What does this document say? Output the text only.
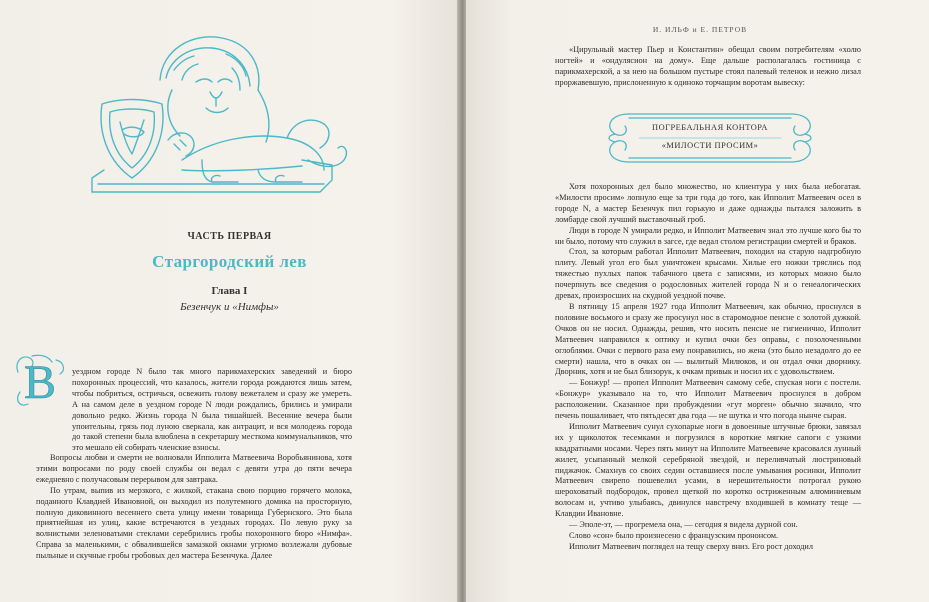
ЧАСТЬ ПЕРВАЯ
Старгородский лев
Глава I
Безенчук и «Нимфы»
В уездном городе N было так много парикмахерских заведений и бюро похоронных процессий, что казалось, жители города рождаются лишь затем, чтобы побриться, остричься, освежить голову вежеталем и сразу же умереть. А на самом деле в уездном городе N люди рождались, брились и умирали довольно редко. Жизнь города N была тишайшей. Весенние вечера были упоительны, грязь под луною сверкала, как антрацит, и вся молодежь города до такой степени была влюблена в секретаршу месткома коммунальников, что это мешало ей собирать членские взносы.

Вопросы любви и смерти не волновали Ипполита Матвеевича Воробьянинова, хотя этими вопросами по роду своей службы он ведал с девяти утра до пяти вечера ежедневно с получасовым перерывом для завтрака.

По утрам, выпив из мерзкого, с жилкой, стакана свою порцию горячего молока, поданного Клавдией Ивановной, он выходил из полутемного домика на просторную, полную диковинного весеннего света улицу имени товарища Губернского. Это была приятнейшая из улиц, какие встречаются в уездных городах. По левую руку за волнистыми зеленоватыми стеклами серебрились гробы похоронного бюро «Нимфа». Справа за маленькими, с обвалившейся замазкой окнами угрюмо возлежали дубовые пыльные и скучные гробы гробовых дел мастера Безенчука. Далее

И. ИЛЬФ и Е. ПЕТРОВ

«Цирульный мастер Пьер и Константин» обещал своим потребителям «холю ногтей» и «ондулясион на дому». Еще дальше располагалась гостиница с парикмахерской, а за нею на большом пустыре стоял палевый теленок и нежно лизал проржавевшую, прислоненную к одиноко торчащим воротам вывеску:

ПОГРЕБАЛЬНАЯ КОНТОРА
«МИЛОСТИ ПРОСИМ»

Хотя похоронных дел было множество, но клиентура у них была небогатая. «Милости просим» лопнуло еще за три года до того, как Ипполит Матвеевич осел в городе N, а мастер Безенчук пил горькую и даже однажды пытался заложить в ломбарде свой лучший выставочный гроб.

Люди в городе N умирали редко, и Ипполит Матвеевич знал это лучше кого бы то ни было, потому что служил в загсе, где ведал столом регистрации смертей и браков.

Стол, за которым работал Ипполит Матвеевич, походил на старую надгробную плиту. Левый угол его был уничтожен крысами. Хилые его ножки тряслись под тяжестью пухлых папок табачного цвета с записями, из которых можно было почерпнуть все сведения о родословных жителей города N и о генеалогических древах, произросших на скудной уездной почве.

В пятницу 15 апреля 1927 года Ипполит Матвеевич, как обычно, проснулся в половине восьмого и сразу же просунул нос в старомодное пенсне с золотой дужкой. Очков он не носил. Однажды, решив, что носить пенсне не гигиенично, Ипполит Матвеевич направился к оптику и купил очки без оправы, с позолоченными оглоблями. Очки с первого раза ему понравились, но жена (это было незадолго до ее смерти) нашла, что в очках он — вылитый Милюков, и он отдал очки дворнику. Дворник, хотя и не был близорук, к очкам привык и носил их с удовольствием.

— Бонжур! — пропел Ипполит Матвеевич самому себе, спуская ноги с постели. «Бонжур» указывало на то, что Ипполит Матвеевич проснулся в добром расположении. Сказанное при пробуждении «гут морген» обычно значило, что печень пошаливает, что пятьдесят два года — не шутка и что погода нынче сырая.

Ипполит Матвеевич сунул сухопарые ноги в довоенные штучные брюки, завязал их у щиколоток тесемками и погрузился в короткие мягкие сапоги с узкими квадратными носами. Через пять минут на Ипполите Матвеевиче красовался лунный жилет, усыпанный мелкой серебряной звездой, и переливчатый люстриновый пиджачок. Смахнув со своих седин оставшиеся после умывания росинки, Ипполит Матвеевич свирепо пошевелил усами, в нерешительности потрогал рукою шероховатый подбородок, провел щеткой по коротко остриженным алюминиевым волосам и, учтиво улыбаясь, двинулся навстречу входившей в комнату теще — Клавдии Ивановне.

— Эполе-эт, — прогремела она, — сегодня я видела дурной сон.

Слово «сон» было произнесено с французским прононсом.

Ипполит Матвеевич поглядел на тещу сверху вниз. Его рост доходил
